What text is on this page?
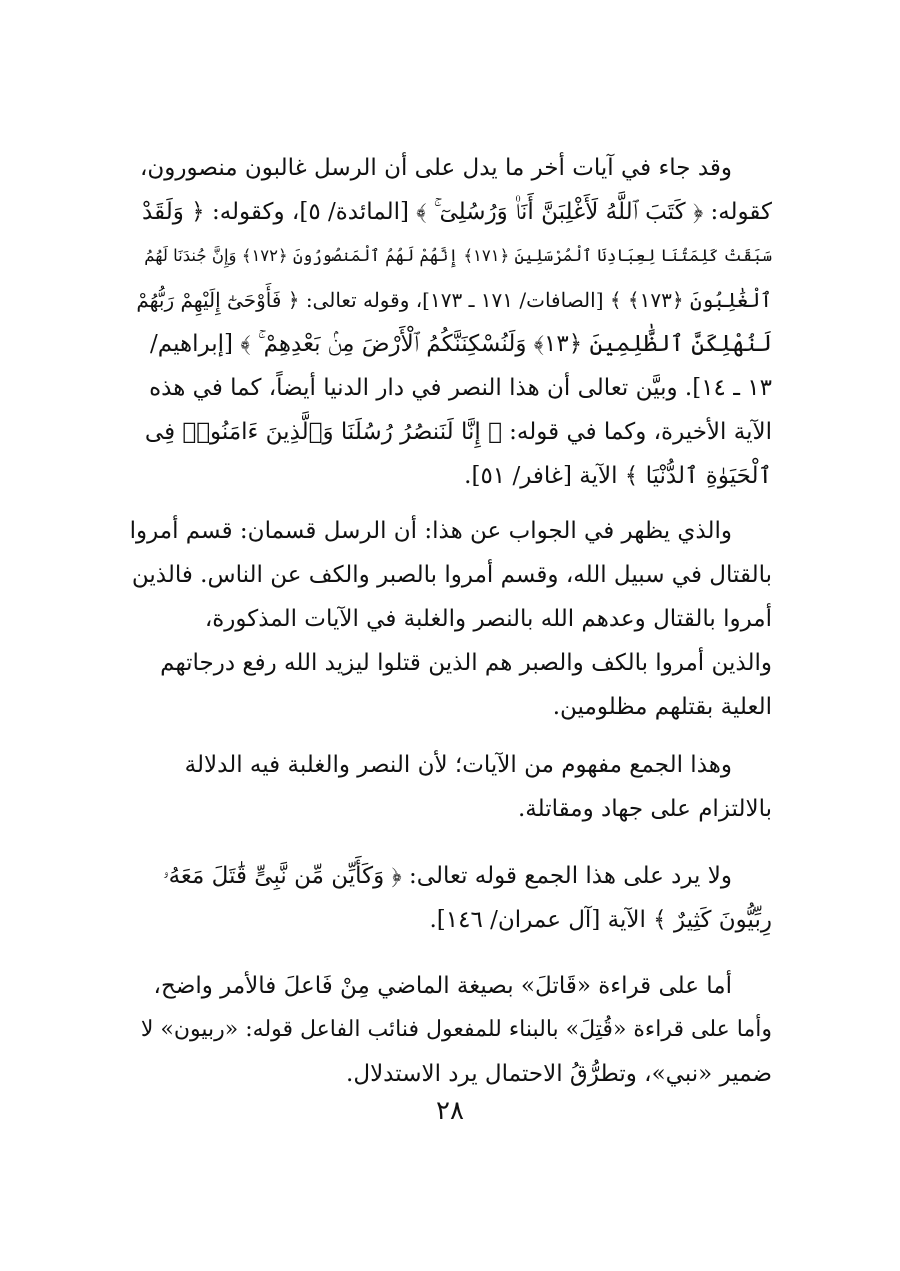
وقد جاء في آيات أخر ما يدل على أن الرسل غالبون منصورون،
كقوله: ﴿ كَتَبَ ٱللَّهُ لَأَغْلِبَنَّ أَنَا۠ وَرُسُلِىٓ ۚ ﴾ [المائدة/ ٥]، وكقوله: ﴿ وَلَقَدْ
سَبَقَتْ كَلِمَتُنَا لِعِبَادِنَا ٱلْمُرْسَلِينَ ﴿١٧١﴾ إِنَّهُمْ لَهُمُ ٱلْمَنصُورُونَ ﴿١٧٢﴾ وَإِنَّ جُندَنَا لَهُمُ
ٱلْغَٰلِبُونَ ﴿١٧٣﴾ ﴾ [الصافات/ ١٧١ ـ ١٧٣]، وقوله تعالى: ﴿ فَأَوْحَىٰٓ إِلَيْهِمْ رَبُّهُمْ
لَنُهْلِكَنَّ ٱلظَّٰلِمِينَ ﴿١٣﴾ وَلَنُسْكِنَنَّكُمُ ٱلْأَرْضَ مِنۢ بَعْدِهِمْ ۚ ﴾ [إبراهيم/
١٣ ـ ١٤]. وبيَّن تعالى أن هذا النصر في دار الدنيا أيضاً، كما في هذه
الآية الأخيرة، وكما في قوله: ﴿ إِنَّا لَنَنصُرُ رُسُلَنَا وَٱلَّذِينَ ءَامَنُوا۟ فِى
ٱلْحَيَوٰةِ ٱلدُّنْيَا ﴾ الآية [غافر/ ٥١].
والذي يظهر في الجواب عن هذا: أن الرسل قسمان: قسم أمروا
بالقتال في سبيل الله، وقسم أمروا بالصبر والكف عن الناس. فالذين
أمروا بالقتال وعدهم الله بالنصر والغلبة في الآيات المذكورة،
والذين أمروا بالكف والصبر هم الذين قتلوا ليزيد الله رفع درجاتهم
العلية بقتلهم مظلومين.
وهذا الجمع مفهوم من الآيات؛ لأن النصر والغلبة فيه الدلالة
بالالتزام على جهاد ومقاتلة.
ولا يرد على هذا الجمع قوله تعالى: ﴿ وَكَأَيِّن مِّن نَّبِىٍّ قَٰتَلَ مَعَهُۥ
رِبِّيُّونَ كَثِيرٌ ﴾ الآية [آل عمران/ ١٤٦].
أما على قراءة «قَاتلَ» بصيغة الماضي مِنْ فَاعلَ فالأمر واضح،
وأما على قراءة «قُتِلَ» بالبناء للمفعول فنائب الفاعل قوله: «ربيون» لا
ضمير «نبي»، وتطرُّقُ الاحتمال يرد الاستدلال.
٢٨
